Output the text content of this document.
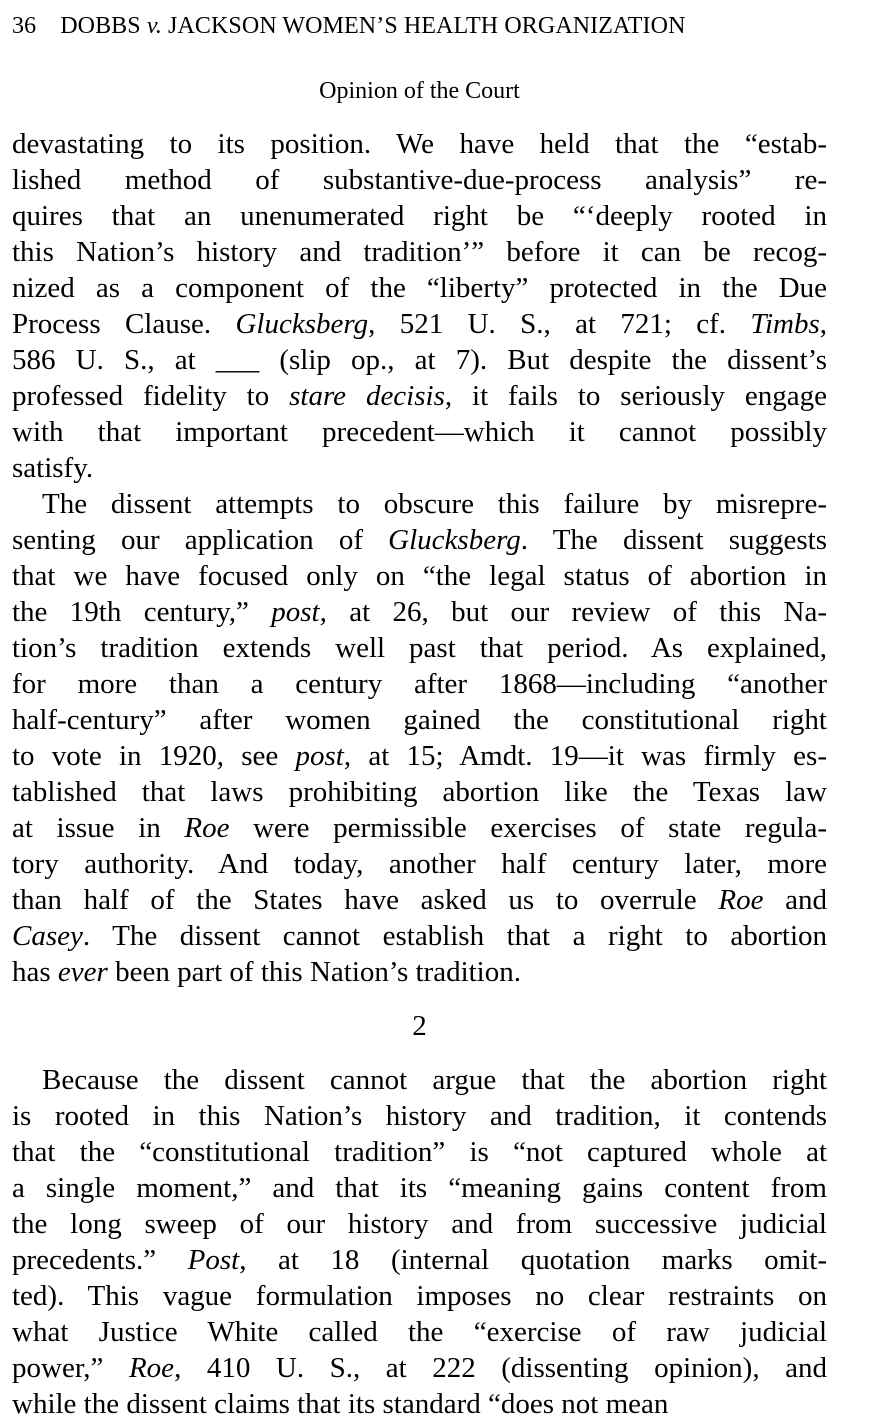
36 DOBBS v. JACKSON WOMEN’S HEALTH ORGANIZATION
Opinion of the Court
devastating to its position. We have held that the “estab-
lished method of substantive-due-process analysis” re-
quires that an unenumerated right be “‘deeply rooted in
this Nation’s history and tradition’” before it can be recog-
nized as a component of the “liberty” protected in the Due
Process Clause. Glucksberg, 521 U. S., at 721; cf. Timbs,
586 U. S., at ___ (slip op., at 7). But despite the dissent’s
professed fidelity to stare decisis, it fails to seriously engage
with that important precedent—which it cannot possibly
satisfy.
The dissent attempts to obscure this failure by misrepre-
senting our application of Glucksberg. The dissent suggests
that we have focused only on “the legal status of abortion in
the 19th century,” post, at 26, but our review of this Na-
tion’s tradition extends well past that period. As explained,
for more than a century after 1868—including “another
half-century” after women gained the constitutional right
to vote in 1920, see post, at 15; Amdt. 19—it was firmly es-
tablished that laws prohibiting abortion like the Texas law
at issue in Roe were permissible exercises of state regula-
tory authority. And today, another half century later, more
than half of the States have asked us to overrule Roe and
Casey. The dissent cannot establish that a right to abortion
has ever been part of this Nation’s tradition.
2
Because the dissent cannot argue that the abortion right
is rooted in this Nation’s history and tradition, it contends
that the “constitutional tradition” is “not captured whole at
a single moment,” and that its “meaning gains content from
the long sweep of our history and from successive judicial
precedents.” Post, at 18 (internal quotation marks omit-
ted). This vague formulation imposes no clear restraints on
what Justice White called the “exercise of raw judicial
power,” Roe, 410 U. S., at 222 (dissenting opinion), and
while the dissent claims that its standard “does not mean
